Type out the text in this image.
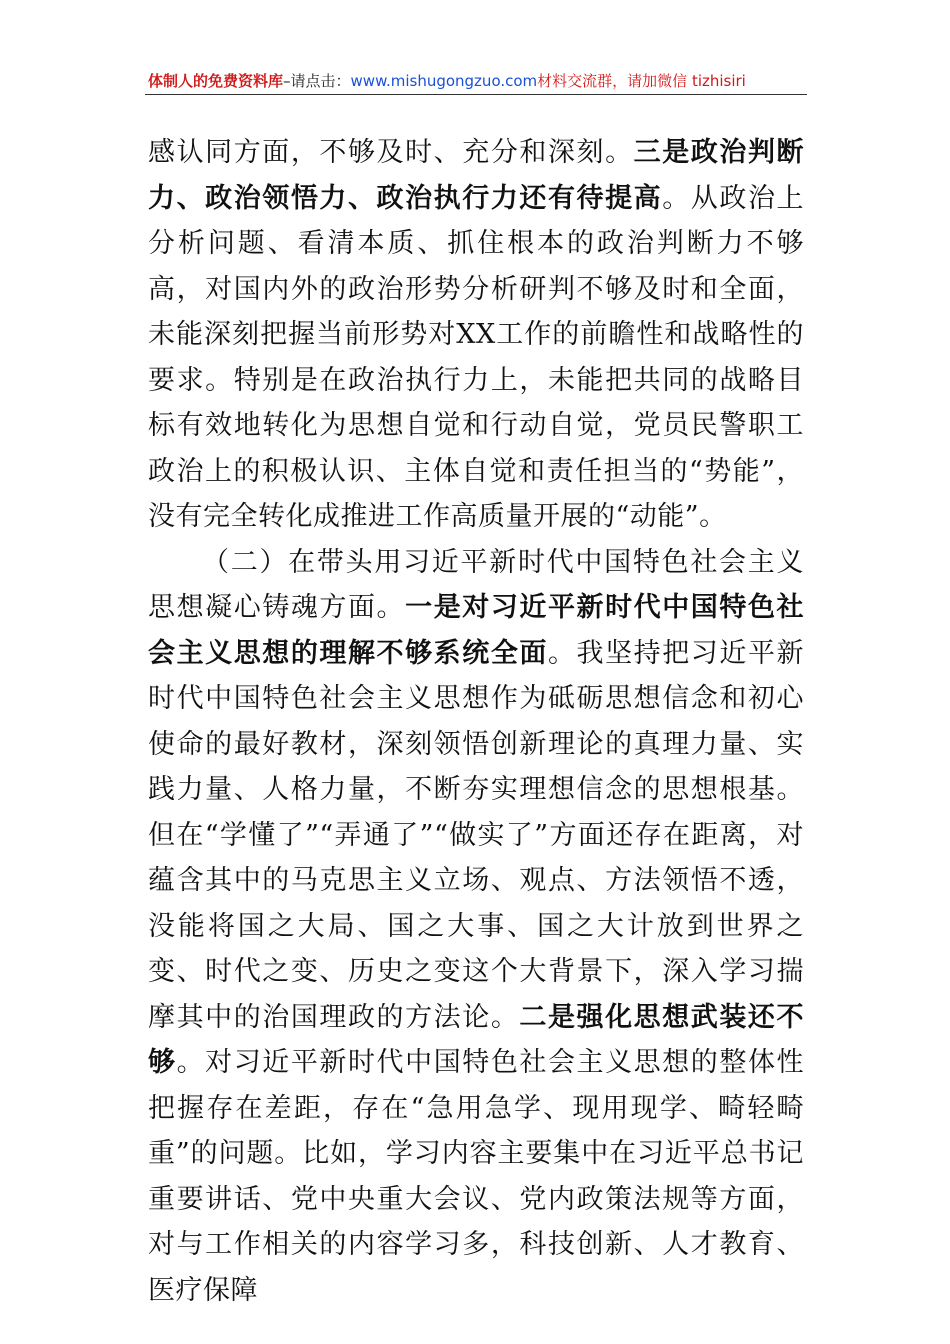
体制人的免费资料库–请点击：www.mishugongzuo.com材料交流群，请加微信 tizhisiri

感认同方面，不够及时、充分和深刻。三是政治判断力、政治领悟力、政治执行力还有待提高。从政治上分析问题、看清本质、抓住根本的政治判断力不够高，对国内外的政治形势分析研判不够及时和全面，未能深刻把握当前形势对XX工作的前瞻性和战略性的要求。特别是在政治执行力上，未能把共同的战略目标有效地转化为思想自觉和行动自觉，党员民警职工政治上的积极认识、主体自觉和责任担当的“势能”，没有完全转化成推进工作高质量开展的“动能”。

（二）在带头用习近平新时代中国特色社会主义思想凝心铸魂方面。一是对习近平新时代中国特色社会主义思想的理解不够系统全面。我坚持把习近平新时代中国特色社会主义思想作为砥砺思想信念和初心使命的最好教材，深刻领悟创新理论的真理力量、实践力量、人格力量，不断夯实理想信念的思想根基。但在“学懂了”“弄通了”“做实了”方面还存在距离，对蕴含其中的马克思主义立场、观点、方法领悟不透，没能将国之大局、国之大事、国之大计放到世界之变、时代之变、历史之变这个大背景下，深入学习揣摩其中的治国理政的方法论。二是强化思想武装还不够。对习近平新时代中国特色社会主义思想的整体性把握存在差距，存在“急用急学、现用现学、畸轻畸重”的问题。比如，学习内容主要集中在习近平总书记重要讲话、党中央重大会议、党内政策法规等方面，对与工作相关的内容学习多，科技创新、人才教育、医疗保障
